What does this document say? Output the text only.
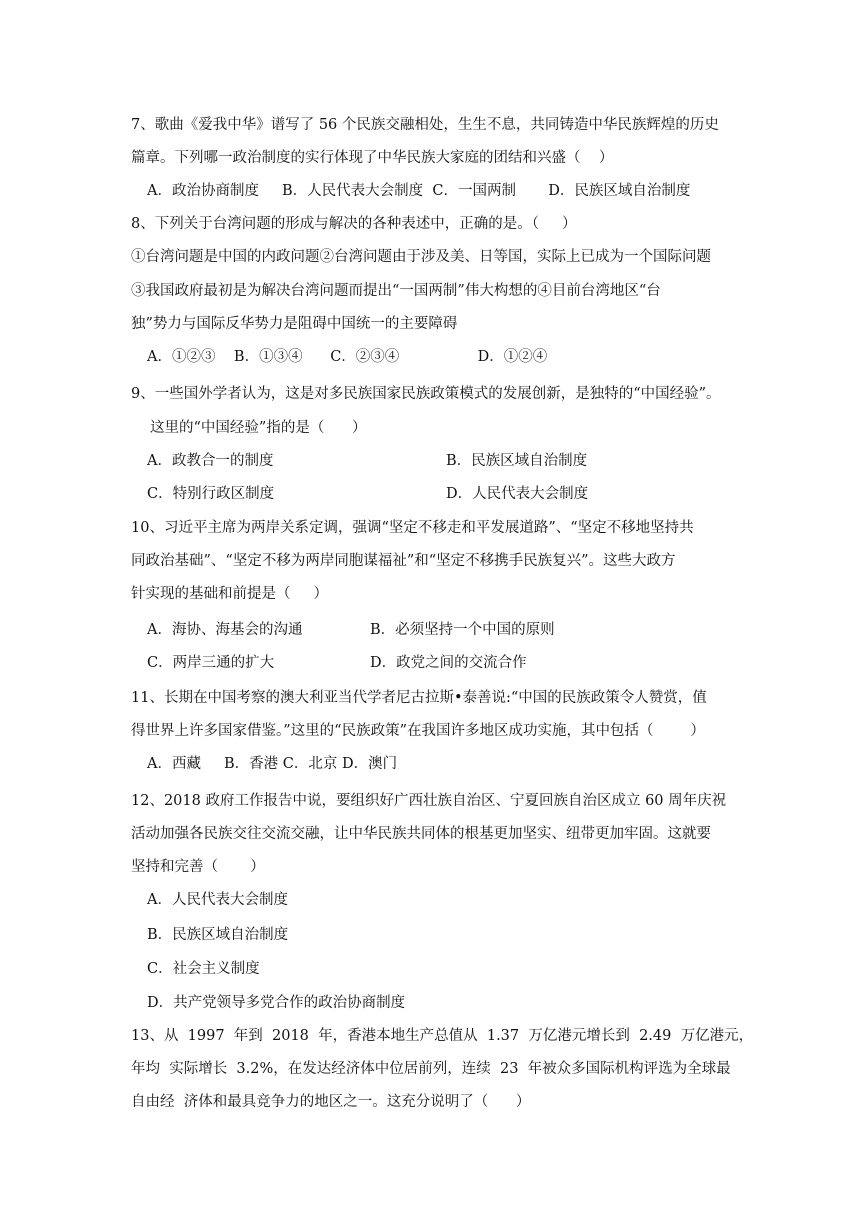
7、歌曲《爱我中华》谱写了 56 个民族交融相处，生生不息，共同铸造中华民族辉煌的历史
篇章。下列哪一政治制度的实行体现了中华民族大家庭的团结和兴盛（    ）
A．政治协商制度     B．人民代表大会制度  C．一国两制       D．民族区域自治制度
8、下列关于台湾问题的形成与解决的各种表述中，正确的是。（     ）
①台湾问题是中国的内政问题②台湾问题由于涉及美、日等国，实际上已成为一个国际问题
③我国政府最初是为解决台湾问题而提出“一国两制”伟大构想的④目前台湾地区“台
独”势力与国际反华势力是阻碍中国统一的主要障碍
A．①②③    B．①③④      C．②③④                 D．①②④
9、一些国外学者认为，这是对多民族国家民族政策模式的发展创新，是独特的“中国经验”。
这里的“中国经验”指的是（      ）
A．政教合一的制度	B．民族区域自治制度
C．特别行政区制度	D．人民代表大会制度
10、习近平主席为两岸关系定调，强调“坚定不移走和平发展道路”、“坚定不移地坚持共
同政治基础”、“坚定不移为两岸同胞谋福祉”和“坚定不移携手民族复兴”。这些大政方
针实现的基础和前提是（     ）
A．海协、海基会的沟通	B．必须坚持一个中国的原则
C．两岸三通的扩大	D．政党之间的交流合作
11、长期在中国考察的澳大利亚当代学者尼古拉斯•泰善说:“中国的民族政策令人赞赏，值
得世界上许多国家借鉴。”这里的“民族政策”在我国许多地区成功实施，其中包括（        ）
A．西藏     B．香港 C．北京 D．澳门
12、2018 政府工作报告中说，要组织好广西壮族自治区、宁夏回族自治区成立 60 周年庆祝
活动加强各民族交往交流交融，让中华民族共同体的根基更加坚实、纽带更加牢固。这就要
坚持和完善（       ）
A．人民代表大会制度
B．民族区域自治制度
C．社会主义制度
D．共产党领导多党合作的政治协商制度
13、从  1997  年到  2018  年，香港本地生产总值从  1.37  万亿港元增长到  2.49  万亿港元，
年均  实际增长  3.2%，在发达经济体中位居前列，连续  23  年被众多国际机构评选为全球最
自由经  济体和最具竞争力的地区之一。这充分说明了（      ）
